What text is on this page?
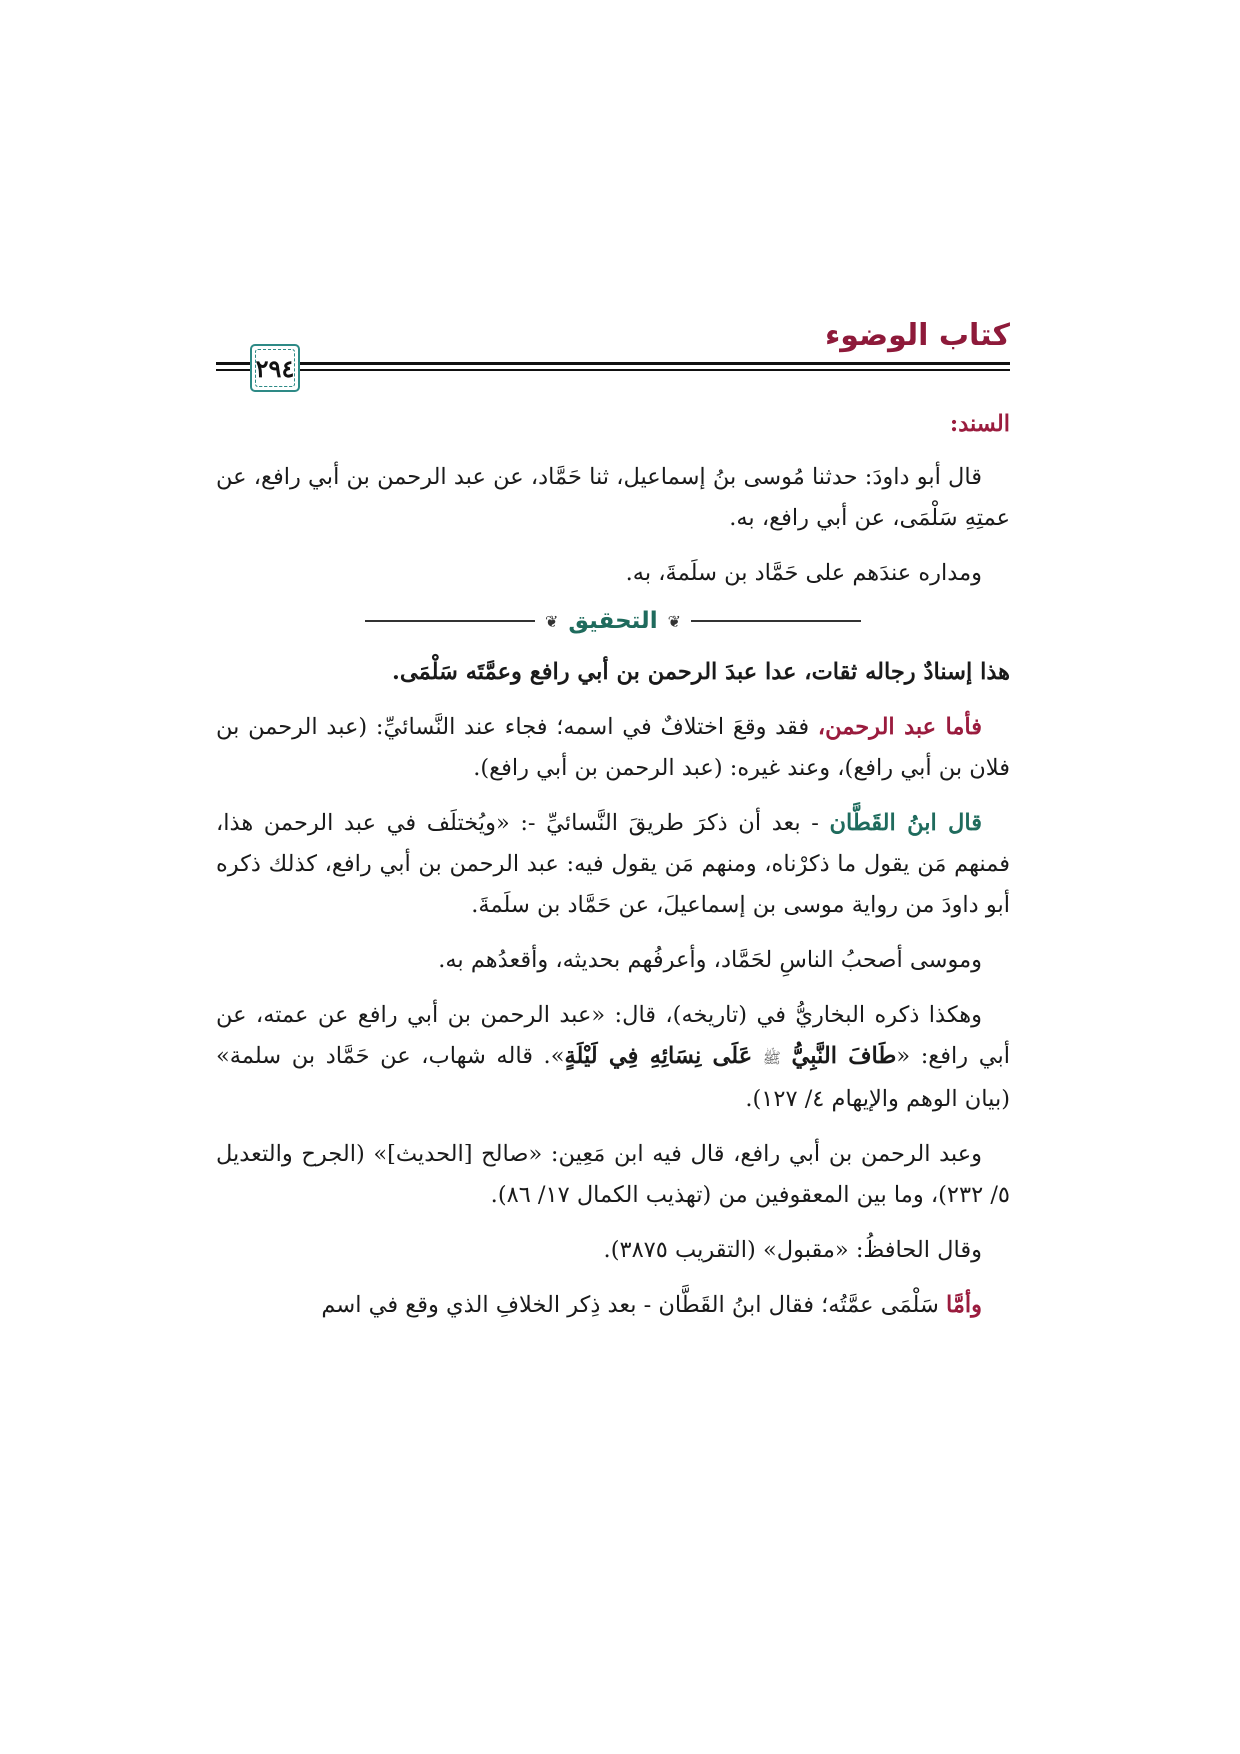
كتاب الوضوء
٢٩٤

السند:

قال أبو داودَ: حدثنا مُوسى بنُ إسماعيل، ثنا حَمَّاد، عن عبد الرحمن بن أبي رافع، عن عمتِهِ سَلْمَى، عن أبي رافع، به.

ومداره عندَهم على حَمَّاد بن سلَمةَ، به.

❦
التحقيق
❦

هذا إسنادٌ رجاله ثقات، عدا عبدَ الرحمن بن أبي رافع وعمَّتَه سَلْمَى.

فأما عبد الرحمن، فقد وقعَ اختلافٌ في اسمه؛ فجاء عند النَّسائيِّ: (عبد الرحمن بن فلان بن أبي رافع)، وعند غيره: (عبد الرحمن بن أبي رافع).

قال ابنُ القَطَّان - بعد أن ذكرَ طريقَ النَّسائيِّ -: «ويُختلَف في عبد الرحمن هذا، فمنهم مَن يقول ما ذكرْناه، ومنهم مَن يقول فيه: عبد الرحمن بن أبي رافع، كذلك ذكره أبو داودَ من رواية موسى بن إسماعيلَ، عن حَمَّاد بن سلَمةَ.

وموسى أصحبُ الناسِ لحَمَّاد، وأعرفُهم بحديثه، وأقعدُهم به.

وهكذا ذكره البخاريُّ في (تاريخه)، قال: «عبد الرحمن بن أبي رافع عن عمته، عن أبي رافع: «طَافَ النَّبِيُّ ﷺ عَلَى نِسَائِهِ فِي لَيْلَةٍ». قاله شهاب، عن حَمَّاد بن سلمة» (بيان الوهم والإيهام ٤/ ١٢٧).

وعبد الرحمن بن أبي رافع، قال فيه ابن مَعِين: «صالح [الحديث]» (الجرح والتعديل ٥/ ٢٣٢)، وما بين المعقوفين من (تهذيب الكمال ١٧/ ٨٦).

وقال الحافظُ: «مقبول» (التقريب ٣٨٧٥).

وأمَّا سَلْمَى عمَّتُه؛ فقال ابنُ القَطَّان - بعد ذِكر الخلافِ الذي وقع في اسم
